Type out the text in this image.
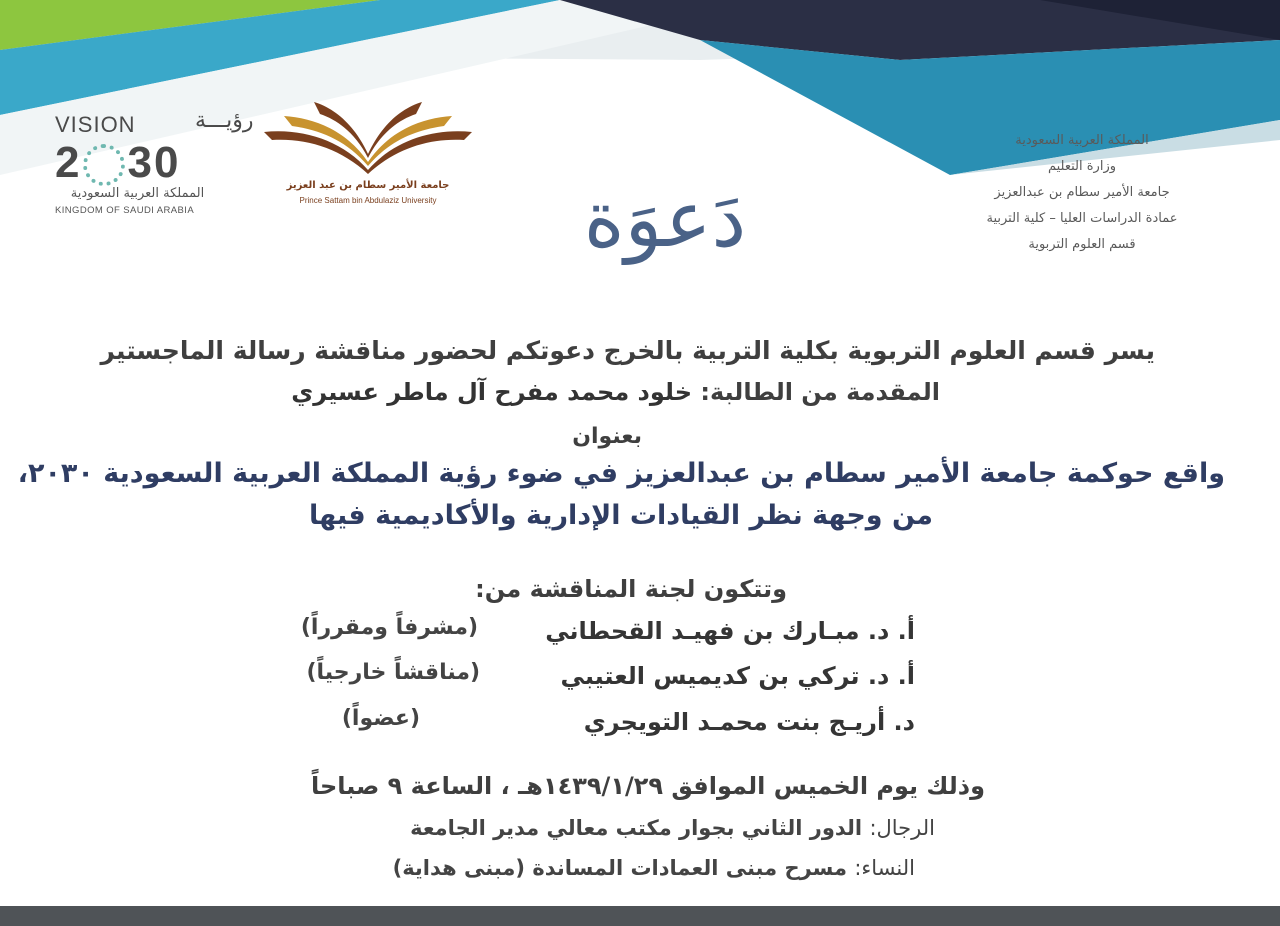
VISION	رؤيـــة
2 30
المملكة العربية السعودية
KINGDOM OF SAUDI ARABIA
جامعة الأمير سطام بن عبد العزيز
Prince Sattam bin Abdulaziz University
المملكة العربية السعودية
وزارة التعليم
جامعة الأمير سطام بن عبدالعزيز
عمادة الدراسات العليا – كلية التربية
قسم العلوم التربوية
دَعوَة
يسر قسم العلوم التربوية بكلية التربية بالخرج دعوتكم لحضور مناقشة رسالة الماجستير
المقدمة من الطالبة: خلود محمد مفرح آل ماطر عسيري
بعنوان
واقع حوكمة جامعة الأمير سطام بن عبدالعزيز في ضوء رؤية المملكة العربية السعودية ٢٠٣٠،
من وجهة نظر القيادات الإدارية والأكاديمية فيها
وتتكون لجنة المناقشة من:
أ. د. مبـارك بن فهيـد القحطاني
(مشرفاً ومقرراً)
أ. د. تركي بن كديميس العتيبي
(مناقشاً خارجياً)
د. أريـج بنت محمـد التويجري
(عضواً)
وذلك يوم الخميس الموافق ١٤٣٩/١/٢٩هـ ، الساعة ٩ صباحاً
الرجال: الدور الثاني بجوار مكتب معالي مدير الجامعة
النساء: مسرح مبنى العمادات المساندة (مبنى هداية)
